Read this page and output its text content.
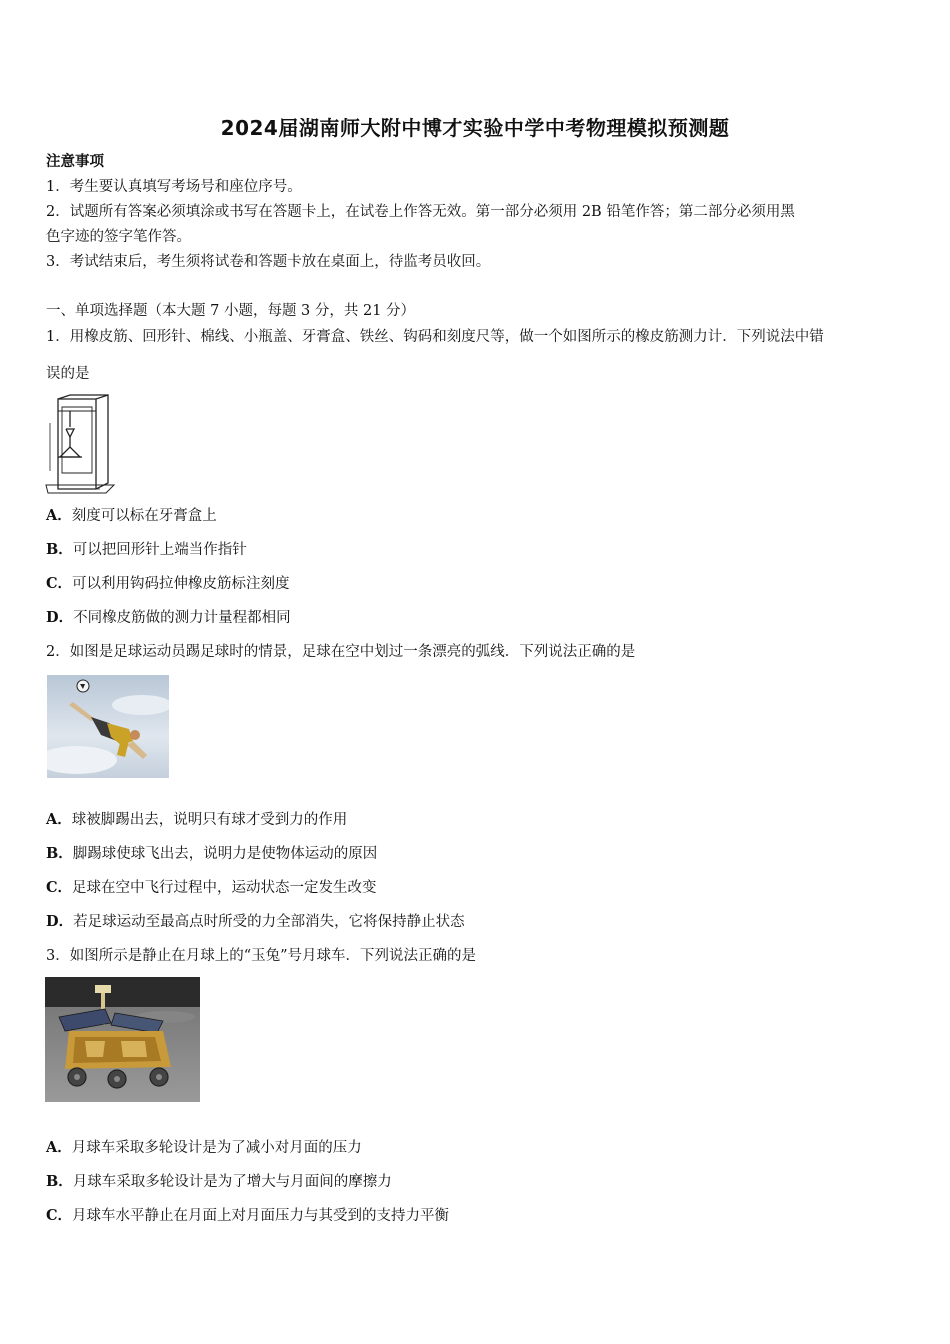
2024届湖南师大附中博才实验中学中考物理模拟预测题
注意事项
1．考生要认真填写考场号和座位序号。
2．试题所有答案必须填涂或书写在答题卡上，在试卷上作答无效。第一部分必须用 2B 铅笔作答；第二部分必须用黑
色字迹的签字笔作答。
3．考试结束后，考生须将试卷和答题卡放在桌面上，待监考员收回。
一、单项选择题（本大题 7 小题，每题 3 分，共 21 分）
1．用橡皮筋、回形针、棉线、小瓶盖、牙膏盒、铁丝、钩码和刻度尺等，做一个如图所示的橡皮筋测力计．下列说法中错
误的是
A．刻度可以标在牙膏盒上
B．可以把回形针上端当作指针
C．可以利用钩码拉伸橡皮筋标注刻度
D．不同橡皮筋做的测力计量程都相同
2．如图是足球运动员踢足球时的情景，足球在空中划过一条漂亮的弧线．下列说法正确的是
A．球被脚踢出去，说明只有球才受到力的作用
B．脚踢球使球飞出去，说明力是使物体运动的原因
C．足球在空中飞行过程中，运动状态一定发生改变
D．若足球运动至最高点时所受的力全部消失，它将保持静止状态
3．如图所示是静止在月球上的“玉兔”号月球车．下列说法正确的是
A．月球车采取多轮设计是为了减小对月面的压力
B．月球车采取多轮设计是为了增大与月面间的摩擦力
C．月球车水平静止在月面上对月面压力与其受到的支持力平衡
